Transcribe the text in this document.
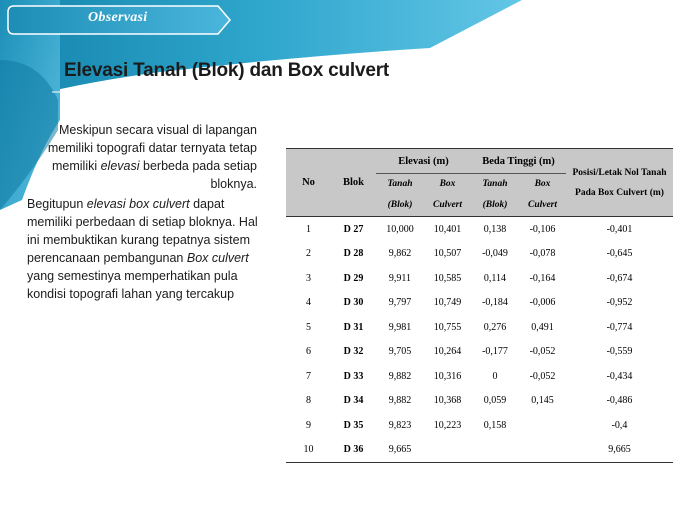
Observasi
Elevasi Tanah (Blok) dan Box culvert
Meskipun secara visual di lapangan memiliki topografi datar ternyata tetap memiliki elevasi berbeda pada setiap bloknya.
Begitupun elevasi box culvert dapat memiliki perbedaan di setiap bloknya. Hal ini membuktikan kurang tepatnya sistem perencanaan pembangunan Box culvert yang semestinya memperhatikan pula kondisi topografi lahan yang tercakup
No	Blok	Elevasi (m)		Beda Tinggi (m)		Posisi/Letak Nol Tanah Pada Box Culvert (m)
		Tanah (Blok)	Box Culvert	Tanah (Blok)	Box Culvert	
1	D 27	10,000	10,401	0,138	-0,106	-0,401
2	D 28	9,862	10,507	-0,049	-0,078	-0,645
3	D 29	9,911	10,585	0,114	-0,164	-0,674
4	D 30	9,797	10,749	-0,184	-0,006	-0,952
5	D 31	9,981	10,755	0,276	0,491	-0,774
6	D 32	9,705	10,264	-0,177	-0,052	-0,559
7	D 33	9,882	10,316	0	-0,052	-0,434
8	D 34	9,882	10,368	0,059	0,145	-0,486
9	D 35	9,823	10,223	0,158		-0,4
10	D 36	9,665				9,665
